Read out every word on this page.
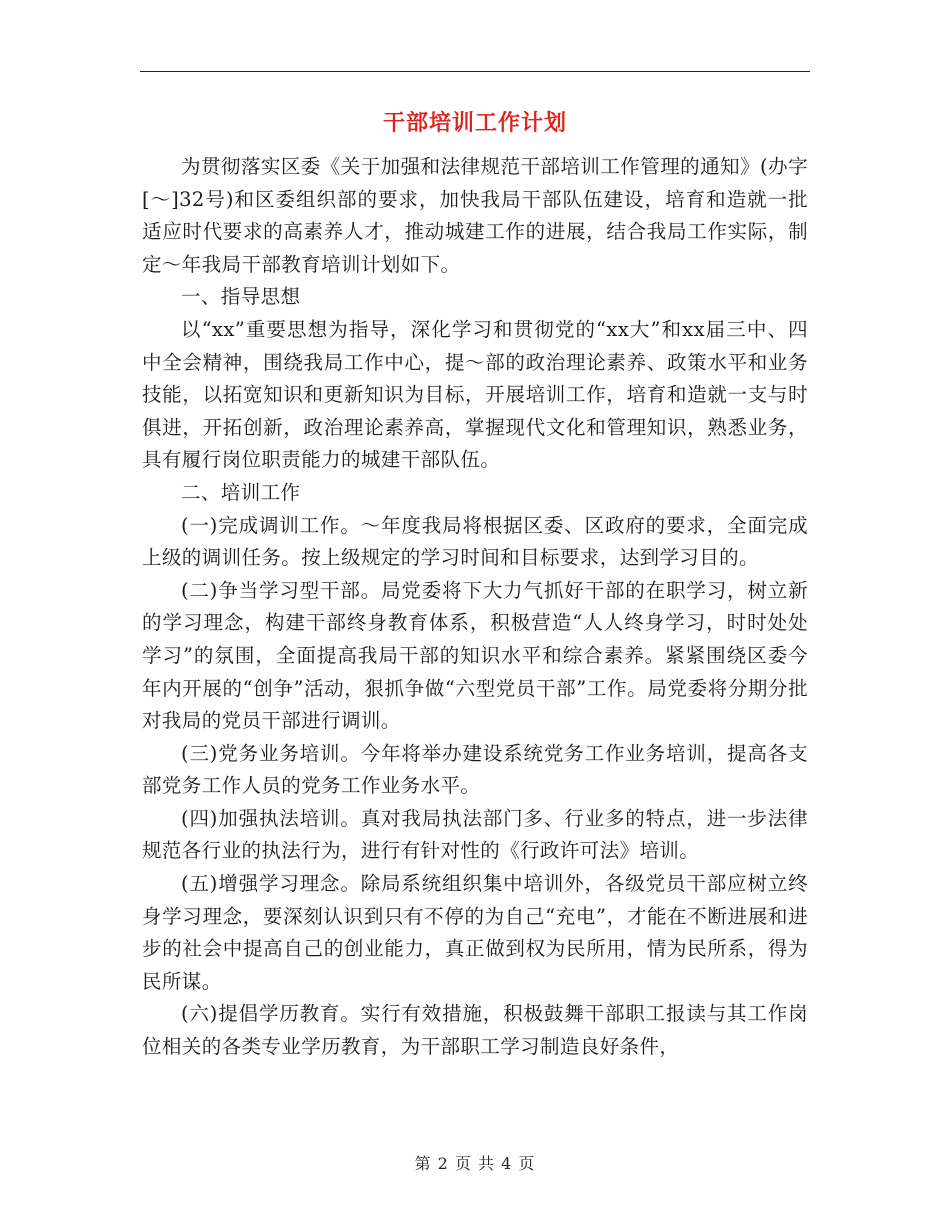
干部培训工作计划

为贯彻落实区委《关于加强和法律规范干部培训工作管理的通知》(办字[～]32号)和区委组织部的要求，加快我局干部队伍建设，培育和造就一批适应时代要求的高素养人才，推动城建工作的进展，结合我局工作实际，制定～年我局干部教育培训计划如下。

一、指导思想

以“xx”重要思想为指导，深化学习和贯彻党的“xx大”和xx届三中、四中全会精神，围绕我局工作中心，提～部的政治理论素养、政策水平和业务技能，以拓宽知识和更新知识为目标，开展培训工作，培育和造就一支与时俱进，开拓创新，政治理论素养高，掌握现代文化和管理知识，熟悉业务，具有履行岗位职责能力的城建干部队伍。

二、培训工作

(一)完成调训工作。～年度我局将根据区委、区政府的要求，全面完成上级的调训任务。按上级规定的学习时间和目标要求，达到学习目的。

(二)争当学习型干部。局党委将下大力气抓好干部的在职学习，树立新的学习理念，构建干部终身教育体系，积极营造“人人终身学习，时时处处学习”的氛围，全面提高我局干部的知识水平和综合素养。紧紧围绕区委今年内开展的“创争”活动，狠抓争做“六型党员干部”工作。局党委将分期分批对我局的党员干部进行调训。

(三)党务业务培训。今年将举办建设系统党务工作业务培训，提高各支部党务工作人员的党务工作业务水平。

(四)加强执法培训。真对我局执法部门多、行业多的特点，进一步法律规范各行业的执法行为，进行有针对性的《行政许可法》培训。

(五)增强学习理念。除局系统组织集中培训外，各级党员干部应树立终身学习理念，要深刻认识到只有不停的为自己“充电”，才能在不断进展和进步的社会中提高自己的创业能力，真正做到权为民所用，情为民所系，得为民所谋。

(六)提倡学历教育。实行有效措施，积极鼓舞干部职工报读与其工作岗位相关的各类专业学历教育，为干部职工学习制造良好条件，

第 2 页 共 4 页
